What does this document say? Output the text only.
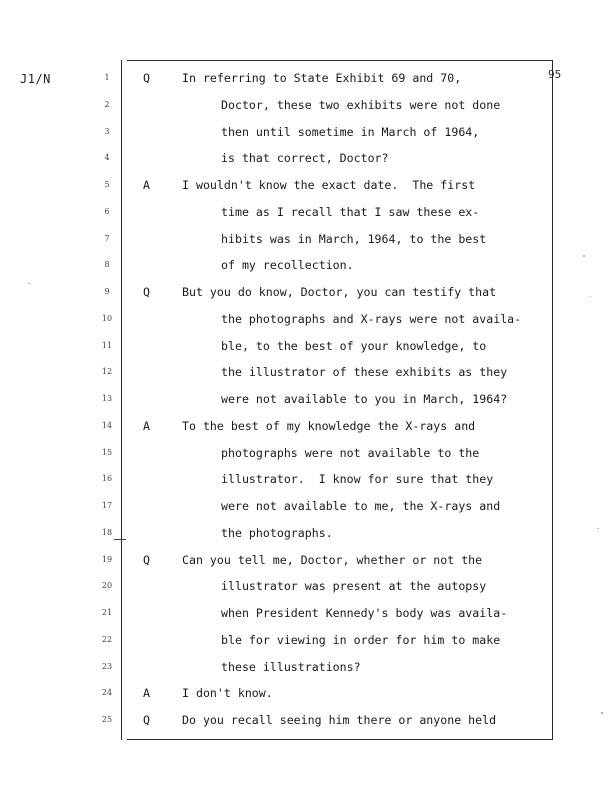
J1/N	95
1	Q	In referring to State Exhibit 69 and 70,
2	Doctor, these two exhibits were not done
3	then until sometime in March of 1964,
4	is that correct, Doctor?
5	A	I wouldn't know the exact date.  The first
6	time as I recall that I saw these ex-
7	hibits was in March, 1964, to the best
8	of my recollection.
9	Q	But you do know, Doctor, you can testify that
10	the photographs and X-rays were not availa-
11	ble, to the best of your knowledge, to
12	the illustrator of these exhibits as they
13	were not available to you in March, 1964?
14	A	To the best of my knowledge the X-rays and
15	photographs were not available to the
16	illustrator.  I know for sure that they
17	were not available to me, the X-rays and
18	the photographs.
19	Q	Can you tell me, Doctor, whether or not the
20	illustrator was present at the autopsy
21	when President Kennedy's body was availa-
22	ble for viewing in order for him to make
23	these illustrations?
24	A	I don't know.
25	Q	Do you recall seeing him there or anyone held
